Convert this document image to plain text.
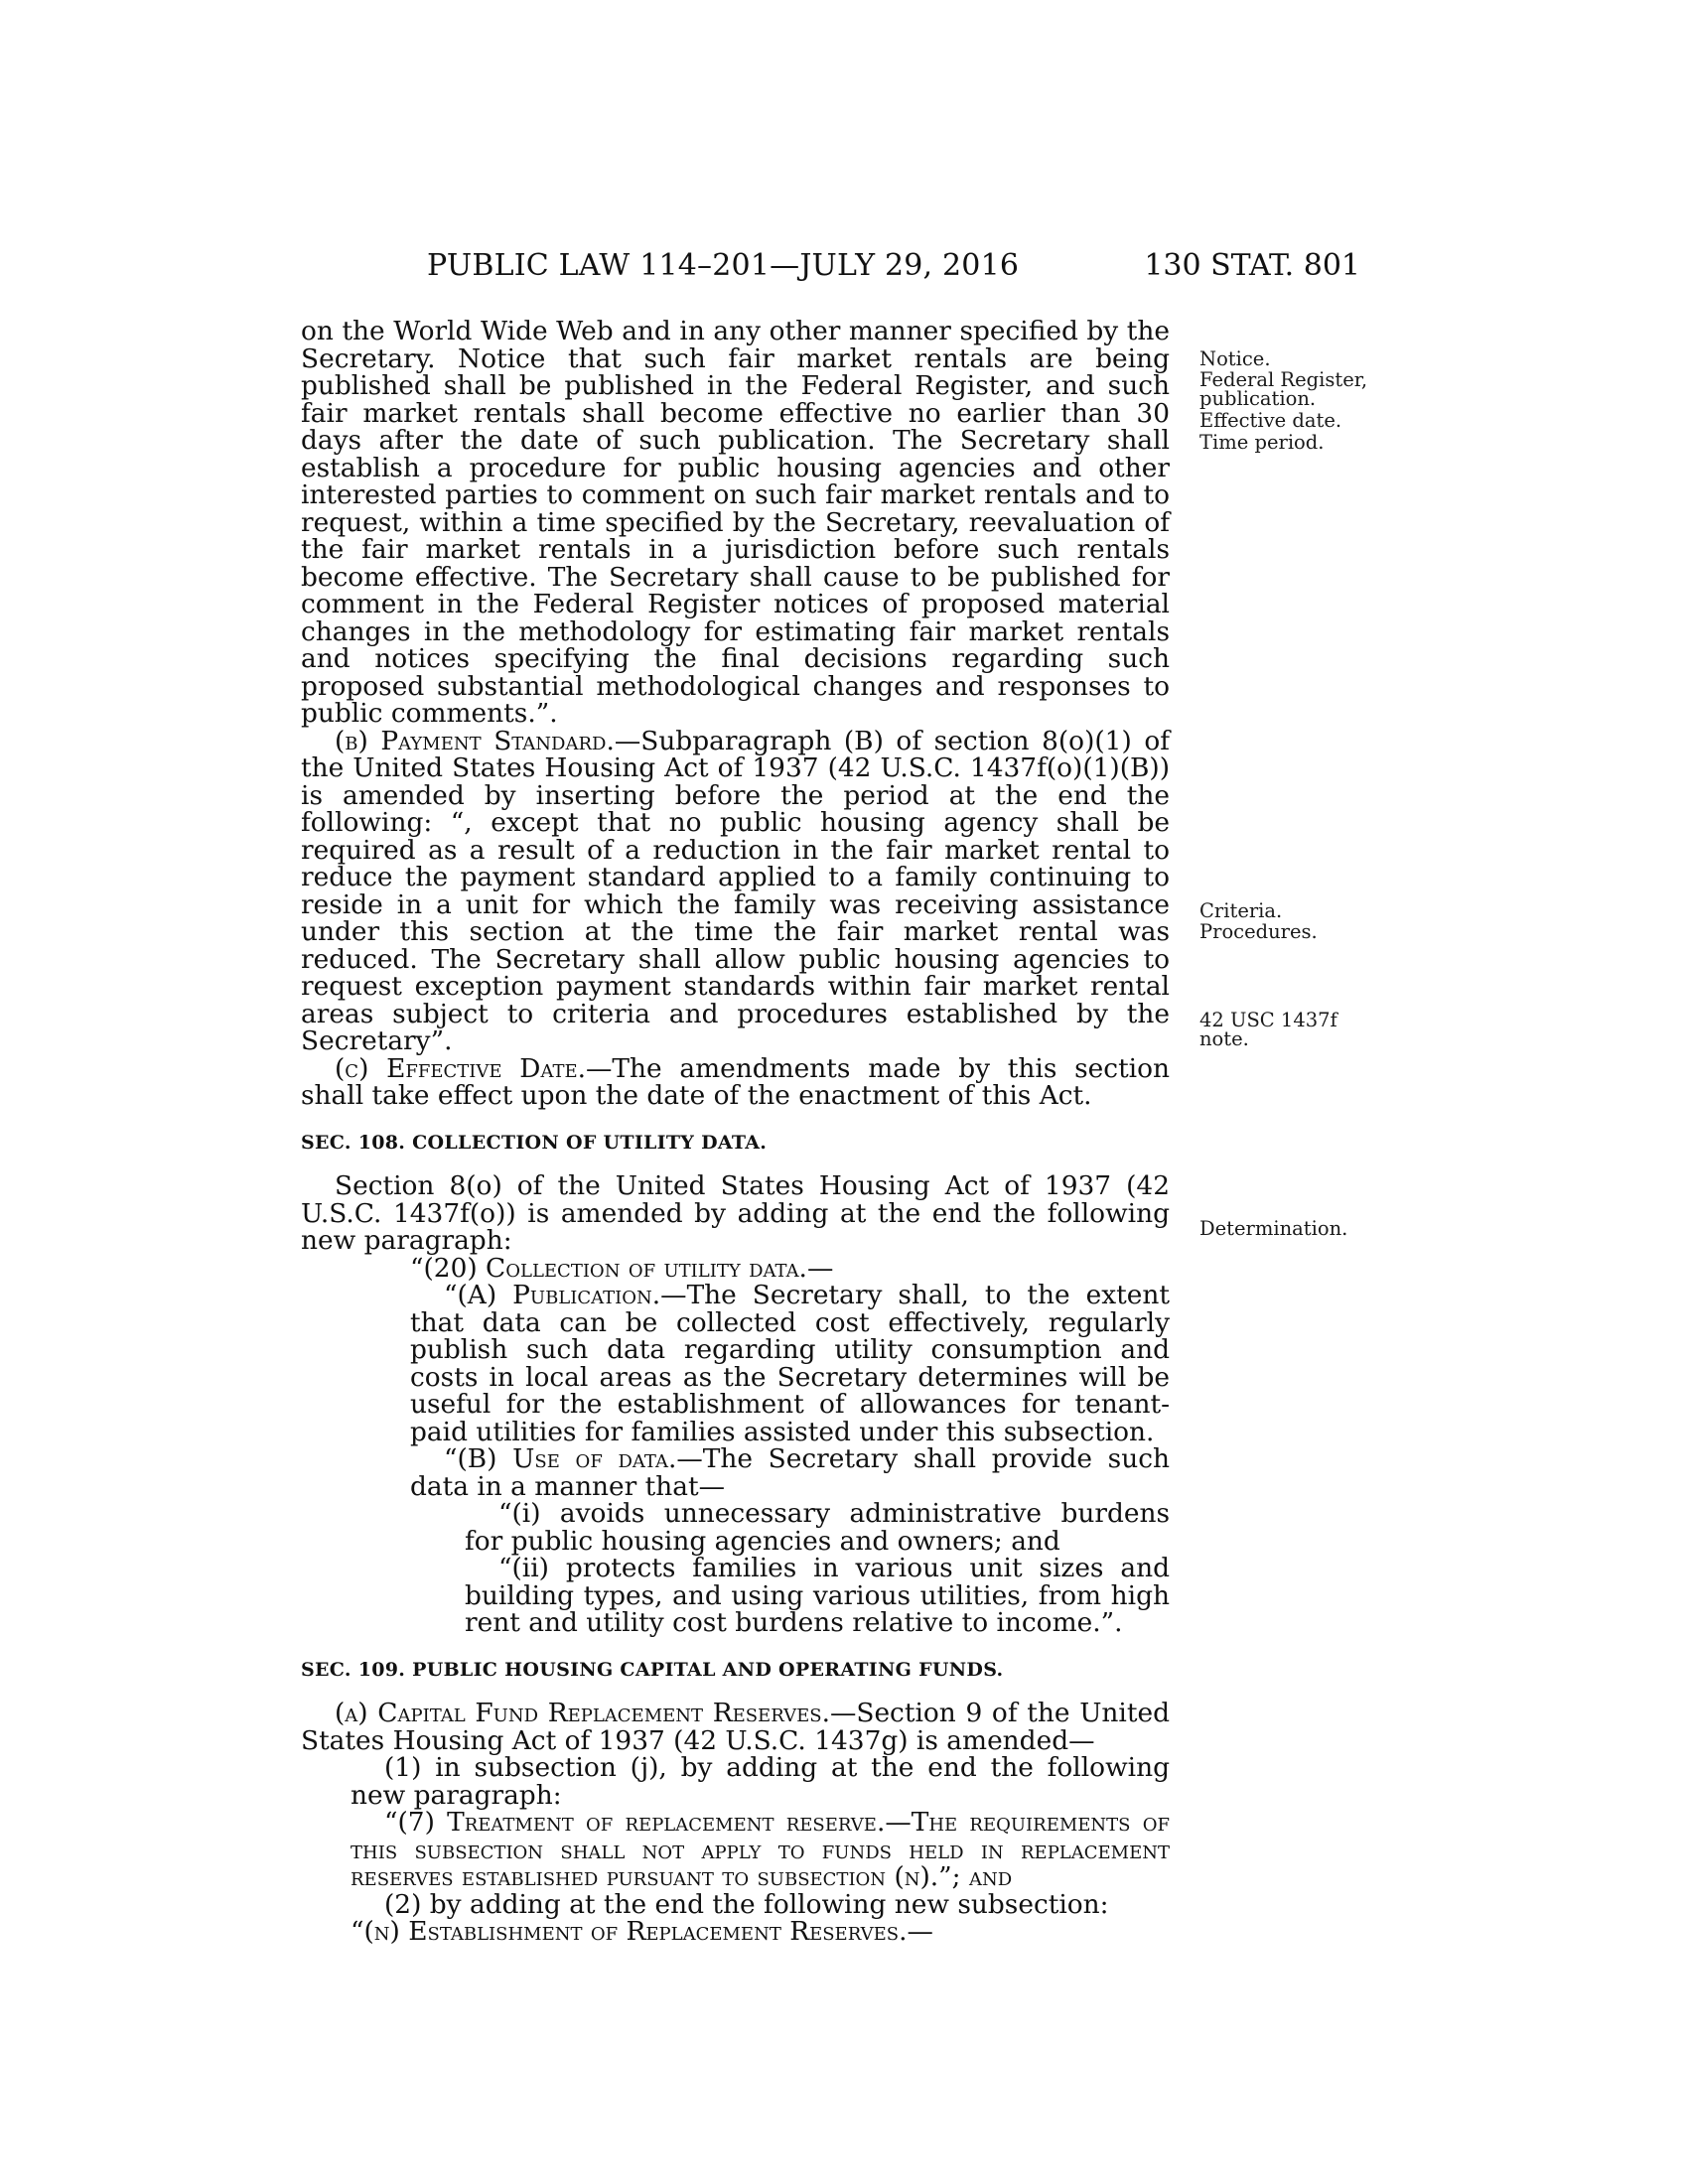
PUBLIC LAW 114–201—JULY 29, 2016	130 STAT. 801

on the World Wide Web and in any other manner specified by the Secretary. Notice that such fair market rentals are being published shall be published in the Federal Register, and such fair market rentals shall become effective no earlier than 30 days after the date of such publication. The Secretary shall establish a procedure for public housing agencies and other interested parties to comment on such fair market rentals and to request, within a time specified by the Secretary, reevaluation of the fair market rentals in a jurisdiction before such rentals become effective. The Secretary shall cause to be published for comment in the Federal Register notices of proposed material changes in the methodology for estimating fair market rentals and notices specifying the final decisions regarding such proposed substantial methodological changes and responses to public comments.”.

(b) Payment Standard.—Subparagraph (B) of section 8(o)(1) of the United States Housing Act of 1937 (42 U.S.C. 1437f(o)(1)(B)) is amended by inserting before the period at the end the following: “, except that no public housing agency shall be required as a result of a reduction in the fair market rental to reduce the payment standard applied to a family continuing to reside in a unit for which the family was receiving assistance under this section at the time the fair market rental was reduced. The Secretary shall allow public housing agencies to request exception payment standards within fair market rental areas subject to criteria and procedures established by the Secretary”.

(c) Effective Date.—The amendments made by this section shall take effect upon the date of the enactment of this Act.

SEC. 108. COLLECTION OF UTILITY DATA.

Section 8(o) of the United States Housing Act of 1937 (42 U.S.C. 1437f(o)) is amended by adding at the end the following new paragraph:

“(20) Collection of utility data.—

“(A) Publication.—The Secretary shall, to the extent that data can be collected cost effectively, regularly publish such data regarding utility consumption and costs in local areas as the Secretary determines will be useful for the establishment of allowances for tenant-paid utilities for families assisted under this subsection.

“(B) Use of data.—The Secretary shall provide such data in a manner that—

“(i) avoids unnecessary administrative burdens for public housing agencies and owners; and

“(ii) protects families in various unit sizes and building types, and using various utilities, from high rent and utility cost burdens relative to income.”.

SEC. 109. PUBLIC HOUSING CAPITAL AND OPERATING FUNDS.

(a) Capital Fund Replacement Reserves.—Section 9 of the United States Housing Act of 1937 (42 U.S.C. 1437g) is amended—

(1) in subsection (j), by adding at the end the following new paragraph:

“(7) Treatment of replacement reserve.—The requirements of this subsection shall not apply to funds held in replacement reserves established pursuant to subsection (n).”; and

(2) by adding at the end the following new subsection:

“(n) Establishment of Replacement Reserves.—

Notice.
Federal Register, publication.
Effective date.
Time period.
Criteria.
Procedures.
42 USC 1437f note.
Determination.
